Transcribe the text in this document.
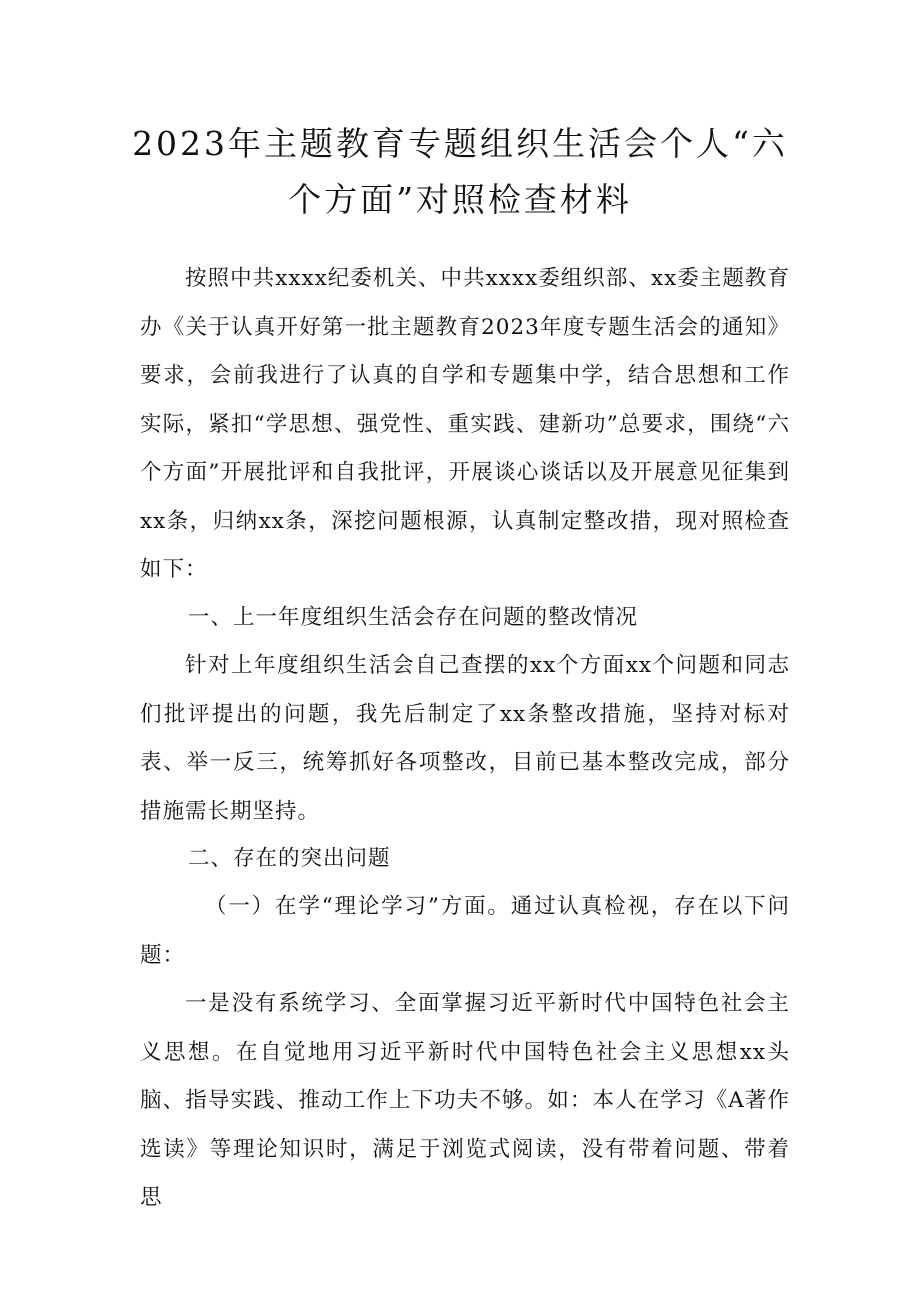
2023年主题教育专题组织生活会个人“六
个方面”对照检查材料

按照中共xxxx纪委机关、中共xxxx委组织部、xx委主题教育办《关于认真开好第一批主题教育2023年度专题生活会的通知》要求，会前我进行了认真的自学和专题集中学，结合思想和工作实际，紧扣“学思想、强党性、重实践、建新功”总要求，围绕“六个方面”开展批评和自我批评，开展谈心谈话以及开展意见征集到xx条，归纳xx条，深挖问题根源，认真制定整改措，现对照检查如下：

一、上一年度组织生活会存在问题的整改情况

针对上年度组织生活会自己查摆的xx个方面xx个问题和同志们批评提出的问题，我先后制定了xx条整改措施，坚持对标对表、举一反三，统筹抓好各项整改，目前已基本整改完成，部分措施需长期坚持。

二、存在的突出问题

（一）在学“理论学习”方面。通过认真检视，存在以下问题：

一是没有系统学习、全面掌握习近平新时代中国特色社会主义思想。在自觉地用习近平新时代中国特色社会主义思想xx头脑、指导实践、推动工作上下功夫不够。如：本人在学习《A著作选读》等理论知识时，满足于浏览式阅读，没有带着问题、带着思
